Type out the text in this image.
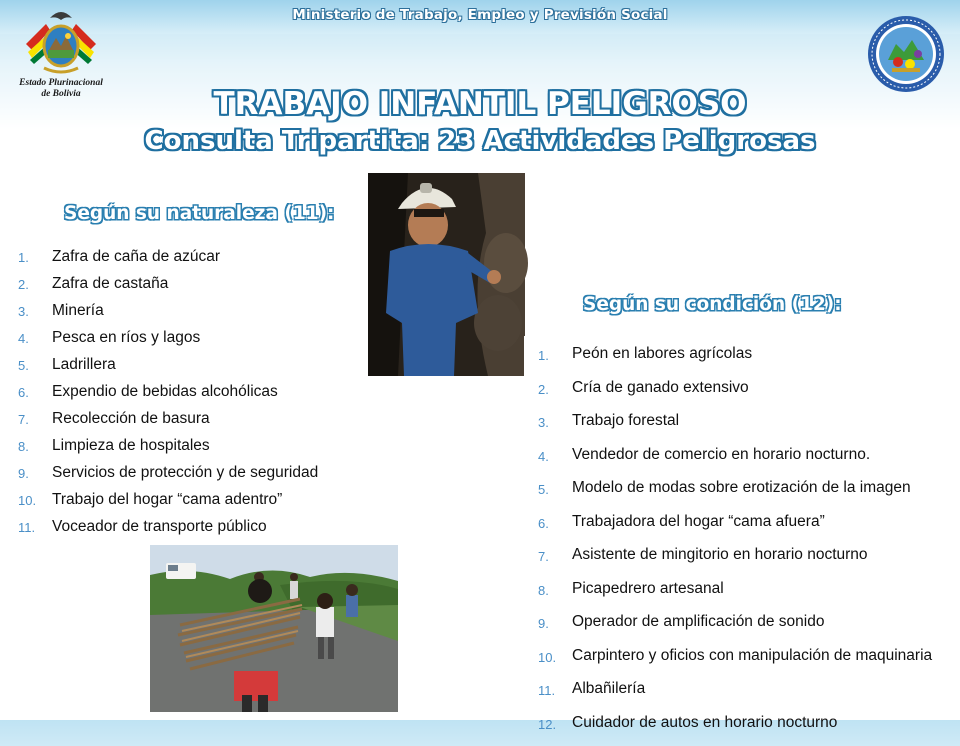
Ministerio de Trabajo, Empleo y Previsión Social
Estado Plurinacional
de Bolivia	TRABAJO INFANTIL PELIGROSO
Consulta Tripartita: 23 Actividades Peligrosas
Según su naturaleza (11):
1.	Zafra de caña de azúcar
2.	Zafra de castaña
3.	Minería
4.	Pesca en ríos y lagos
5.	Ladrillera
6.	Expendio de bebidas alcohólicas
7.	Recolección de basura
8.	Limpieza de hospitales
9.	Servicios de protección y de seguridad
10.	Trabajo del hogar “cama adentro”
11.	Voceador de transporte público
Según su condición (12):
1.	Peón en labores agrícolas
2.	Cría de ganado extensivo
3.	Trabajo forestal
4.	Vendedor de comercio en horario nocturno.
5.	Modelo de modas sobre erotización de la imagen
6.	Trabajadora del hogar “cama afuera”
7.	Asistente de mingitorio en horario nocturno
8.	Picapedrero artesanal
9.	Operador de amplificación de sonido
10.	Carpintero y oficios con manipulación de maquinaria
11.	Albañilería
12.	Cuidador de autos en horario nocturno
